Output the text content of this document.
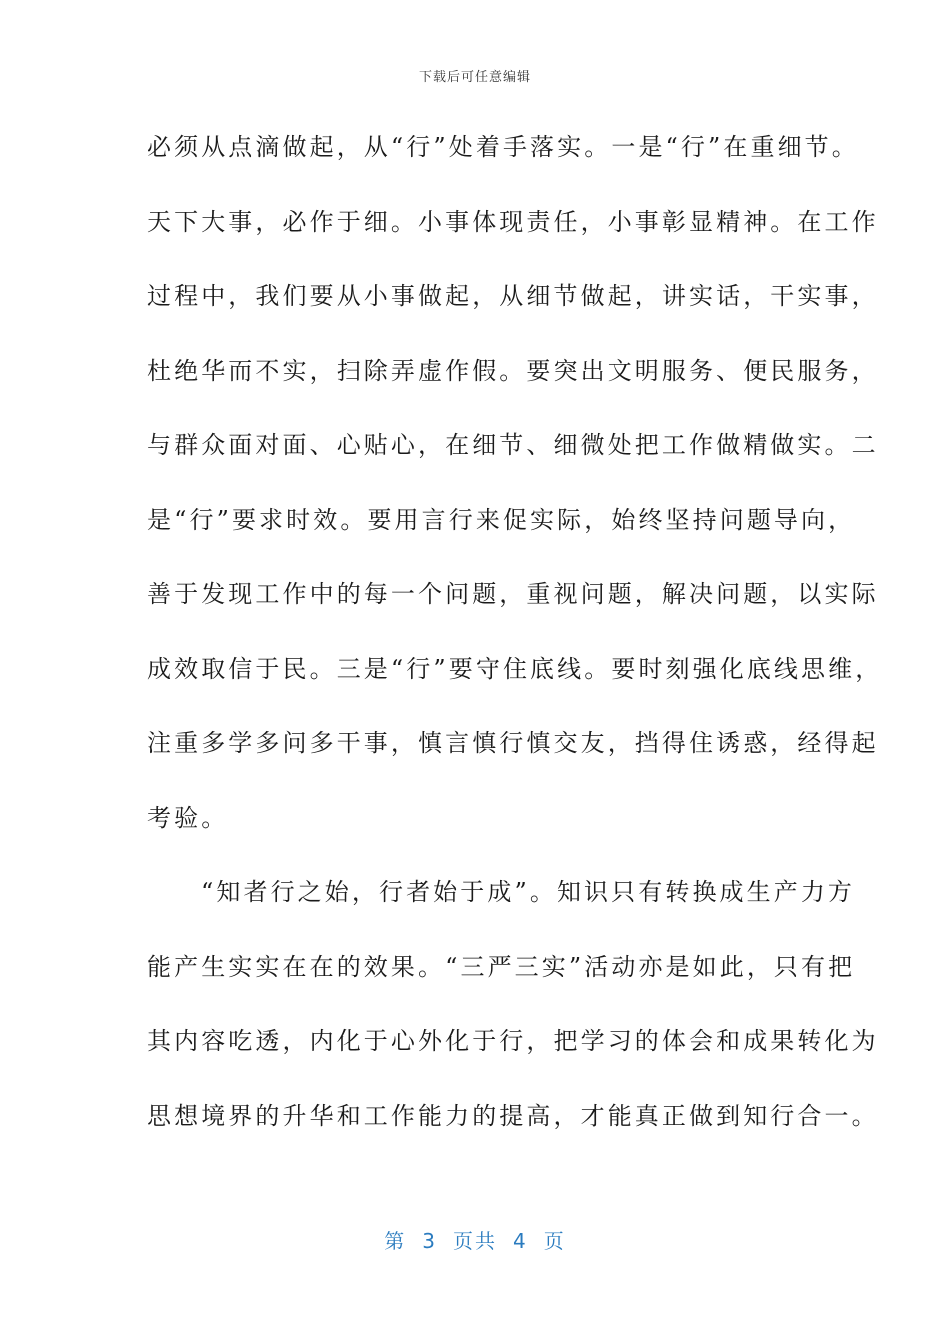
下载后可任意编辑
必须从点滴做起，从“行”处着手落实。一是“行”在重细节。
天下大事，必作于细。小事体现责任，小事彰显精神。在工作
过程中，我们要从小事做起，从细节做起，讲实话，干实事，
杜绝华而不实，扫除弄虚作假。要突出文明服务、便民服务，
与群众面对面、心贴心，在细节、细微处把工作做精做实。二
是“行”要求时效。要用言行来促实际，始终坚持问题导向，
善于发现工作中的每一个问题，重视问题，解决问题，以实际
成效取信于民。三是“行”要守住底线。要时刻强化底线思维，
注重多学多问多干事，慎言慎行慎交友，挡得住诱惑，经得起
考验。
“知者行之始，行者始于成”。知识只有转换成生产力方
能产生实实在在的效果。“三严三实”活动亦是如此，只有把
其内容吃透，内化于心外化于行，把学习的体会和成果转化为
思想境界的升华和工作能力的提高，才能真正做到知行合一。
第 3 页共 4 页
